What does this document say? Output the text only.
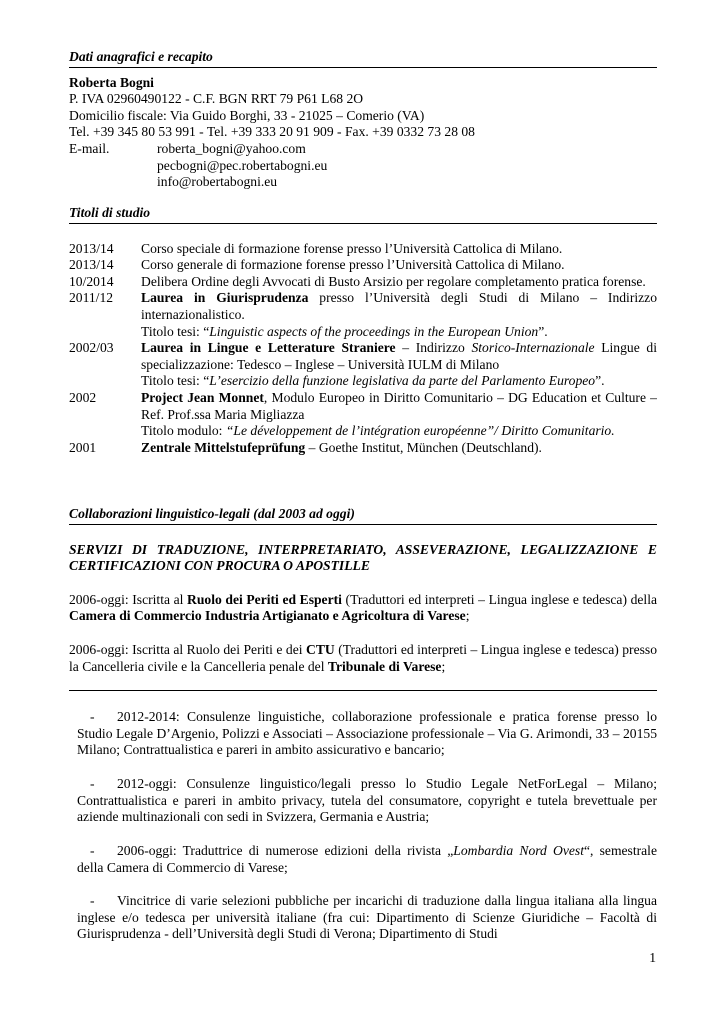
Dati anagrafici e recapito
Roberta Bogni
P. IVA 02960490122 - C.F. BGN RRT 79 P61 L68 2O
Domicilio fiscale: Via Guido Borghi, 33 - 21025 – Comerio (VA)
Tel. +39 345 80 53 991 - Tel. +39 333 20 91 909 - Fax. +39 0332 73 28 08
E-mail.	roberta_bogni@yahoo.com
pecbogni@pec.robertabogni.eu
info@robertabogni.eu
Titoli di studio
2013/14	Corso speciale di formazione forense presso l’Università Cattolica di Milano.
2013/14	Corso generale di formazione forense presso l’Università Cattolica di Milano.
10/2014	Delibera Ordine degli Avvocati di Busto Arsizio per regolare completamento pratica forense.
2011/12	Laurea in Giurisprudenza presso l’Università degli Studi di Milano – Indirizzo internazionalistico.
Titolo tesi: “Linguistic aspects of the proceedings in the European Union”.
2002/03	Laurea in Lingue e Letterature Straniere – Indirizzo Storico-Internazionale Lingue di specializzazione: Tedesco – Inglese – Università IULM di Milano
Titolo tesi: “L’esercizio della funzione legislativa da parte del Parlamento Europeo”.
2002	Project Jean Monnet, Modulo Europeo in Diritto Comunitario – DG Education et Culture – Ref. Prof.ssa Maria Migliazza
Titolo modulo: “Le développement de l’intégration européenne”/ Diritto Comunitario.
2001	Zentrale Mittelstufeprüfung – Goethe Institut, München (Deutschland).
Collaborazioni linguistico-legali (dal 2003 ad oggi)
SERVIZI DI TRADUZIONE, INTERPRETARIATO, ASSEVERAZIONE, LEGALIZZAZIONE E CERTIFICAZIONI CON PROCURA O APOSTILLE
2006-oggi: Iscritta al Ruolo dei Periti ed Esperti (Traduttori ed interpreti – Lingua inglese e tedesca) della Camera di Commercio Industria Artigianato e Agricoltura di Varese;
2006-oggi: Iscritta al Ruolo dei Periti e dei CTU (Traduttori ed interpreti – Lingua inglese e tedesca) presso la Cancelleria civile e la Cancelleria penale del Tribunale di Varese;
- 2012-2014: Consulenze linguistiche, collaborazione professionale e pratica forense presso lo Studio Legale D’Argenio, Polizzi e Associati – Associazione professionale – Via G. Arimondi, 33 – 20155 Milano; Contrattualistica e pareri in ambito assicurativo e bancario;
- 2012-oggi: Consulenze linguistico/legali presso lo Studio Legale NetForLegal – Milano; Contrattualistica e pareri in ambito privacy, tutela del consumatore, copyright e tutela brevettuale per aziende multinazionali con sedi in Svizzera, Germania e Austria;
- 2006-oggi: Traduttrice di numerose edizioni della rivista „Lombardia Nord Ovest“, semestrale della Camera di Commercio di Varese;
- Vincitrice di varie selezioni pubbliche per incarichi di traduzione dalla lingua italiana alla lingua inglese e/o tedesca per università italiane (fra cui: Dipartimento di Scienze Giuridiche – Facoltà di Giurisprudenza - dell’Università degli Studi di Verona; Dipartimento di Studi
1
